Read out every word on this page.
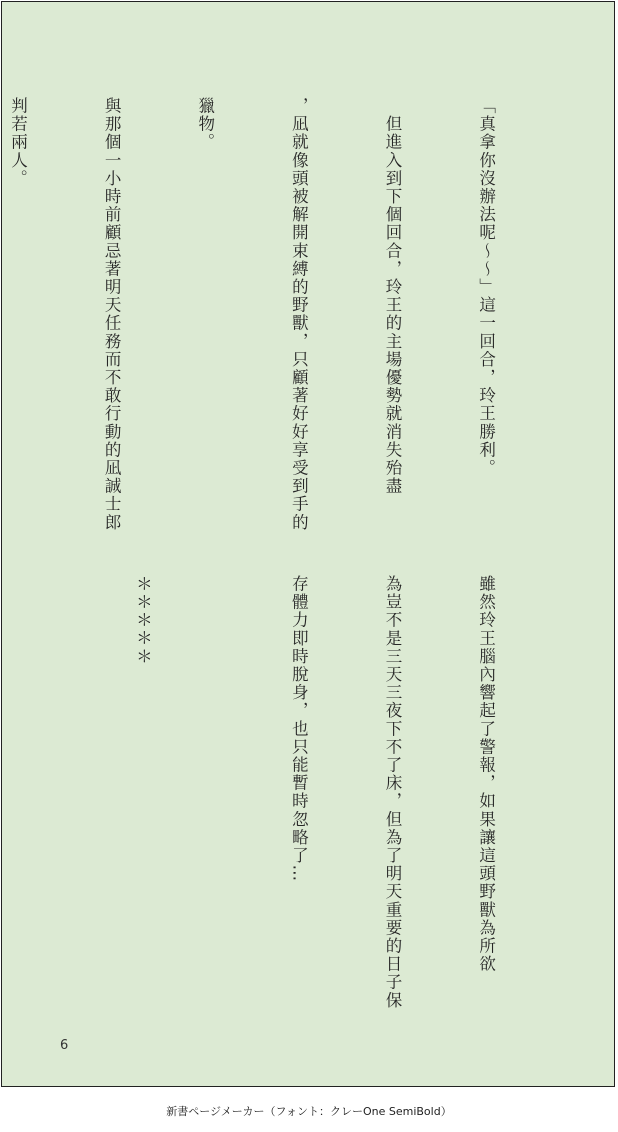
「真拿你沒辦法呢～～」這一回合，玲王勝利。

　但進入到下個回合，玲王的主場優勢就消失殆盡

，凪就像頭被解開束縛的野獸，只顧著好好享受到手的

獵物。

與那個一小時前顧忌著明天任務而不敢行動的凪誠士郎

判若兩人。

雖然玲王腦內響起了警報，如果讓這頭野獸為所欲

為豈不是三天三夜下不了床，但為了明天重要的日子保

存體力即時脫身，也只能暫時忽略了…

＊＊＊＊＊

6
新書ページメーカー（フォント：クレーOne SemiBold）
